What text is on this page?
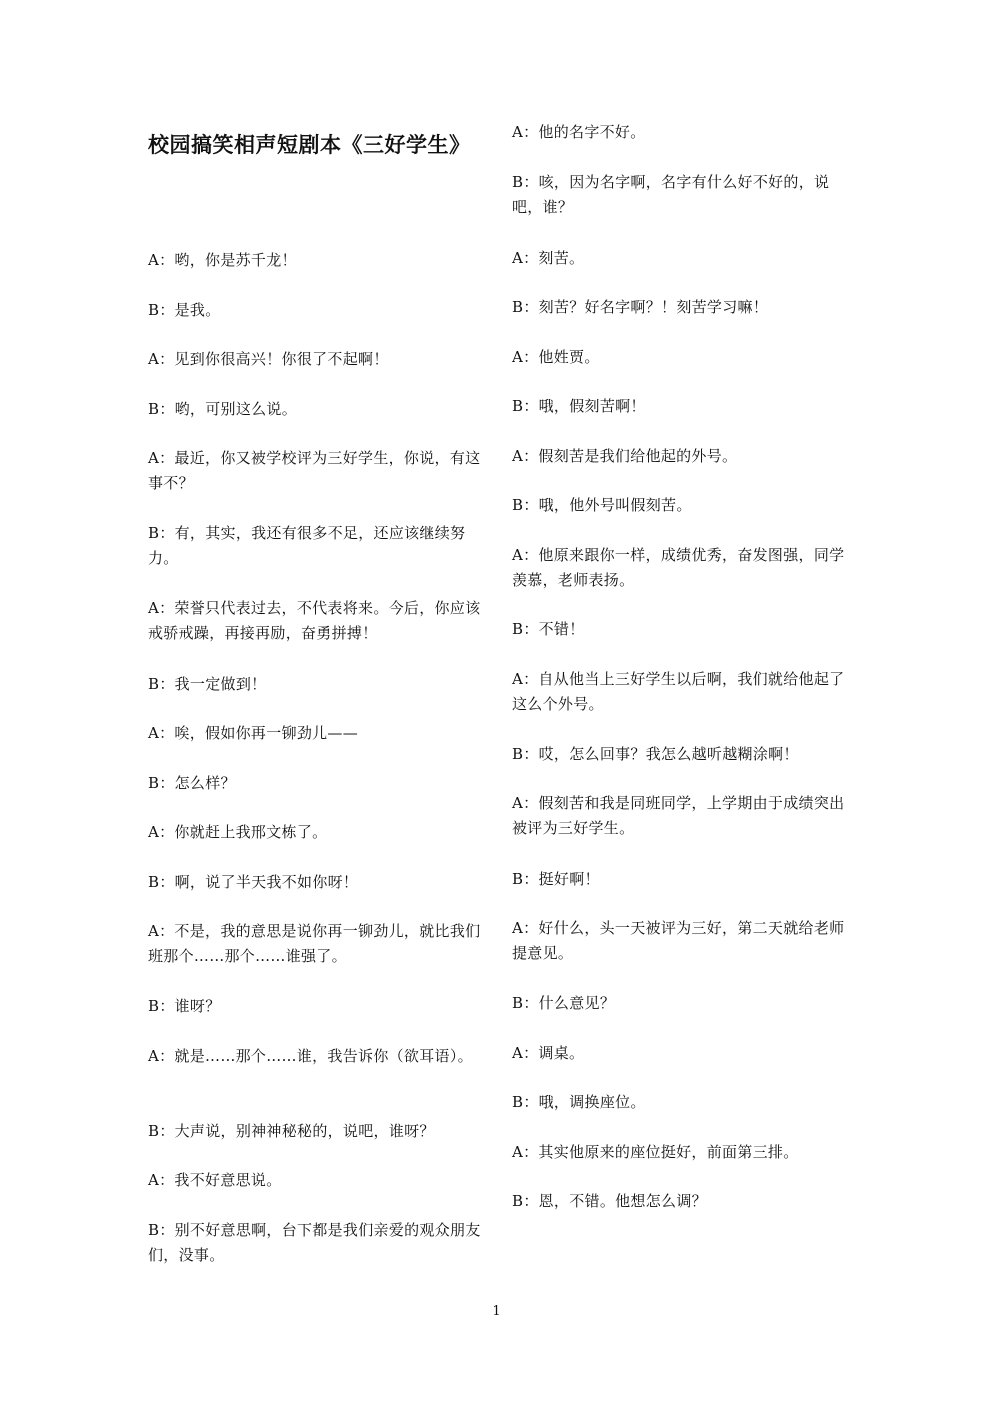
校园搞笑相声短剧本《三好学生》

A：哟，你是苏千龙！

B：是我。

A：见到你很高兴！你很了不起啊！

B：哟，可别这么说。

A：最近，你又被学校评为三好学生，你说，有这事不？

B：有，其实，我还有很多不足，还应该继续努力。

A：荣誉只代表过去，不代表将来。今后，你应该戒骄戒躁，再接再励，奋勇拼搏！

B：我一定做到！

A：唉，假如你再一铆劲儿——

B：怎么样？

A：你就赶上我邢文栋了。

B：啊，说了半天我不如你呀！

A：不是，我的意思是说你再一铆劲儿，就比我们班那个……那个……谁强了。

B：谁呀？

A：就是……那个……谁，我告诉你（欲耳语）。

B：大声说，别神神秘秘的，说吧，谁呀？

A：我不好意思说。

B：别不好意思啊，台下都是我们亲爱的观众朋友们，没事。

A：他的名字不好。

B：咳，因为名字啊，名字有什么好不好的，说吧，谁？

A：刻苦。

B：刻苦？好名字啊？！刻苦学习嘛！

A：他姓贾。

B：哦，假刻苦啊！

A：假刻苦是我们给他起的外号。

B：哦，他外号叫假刻苦。

A：他原来跟你一样，成绩优秀，奋发图强，同学羡慕，老师表扬。

B：不错！

A：自从他当上三好学生以后啊，我们就给他起了这么个外号。

B：哎，怎么回事？我怎么越听越糊涂啊！

A：假刻苦和我是同班同学，上学期由于成绩突出被评为三好学生。

B：挺好啊！

A：好什么，头一天被评为三好，第二天就给老师提意见。

B：什么意见？

A：调桌。

B：哦，调换座位。

A：其实他原来的座位挺好，前面第三排。

B：恩，不错。他想怎么调？

1
